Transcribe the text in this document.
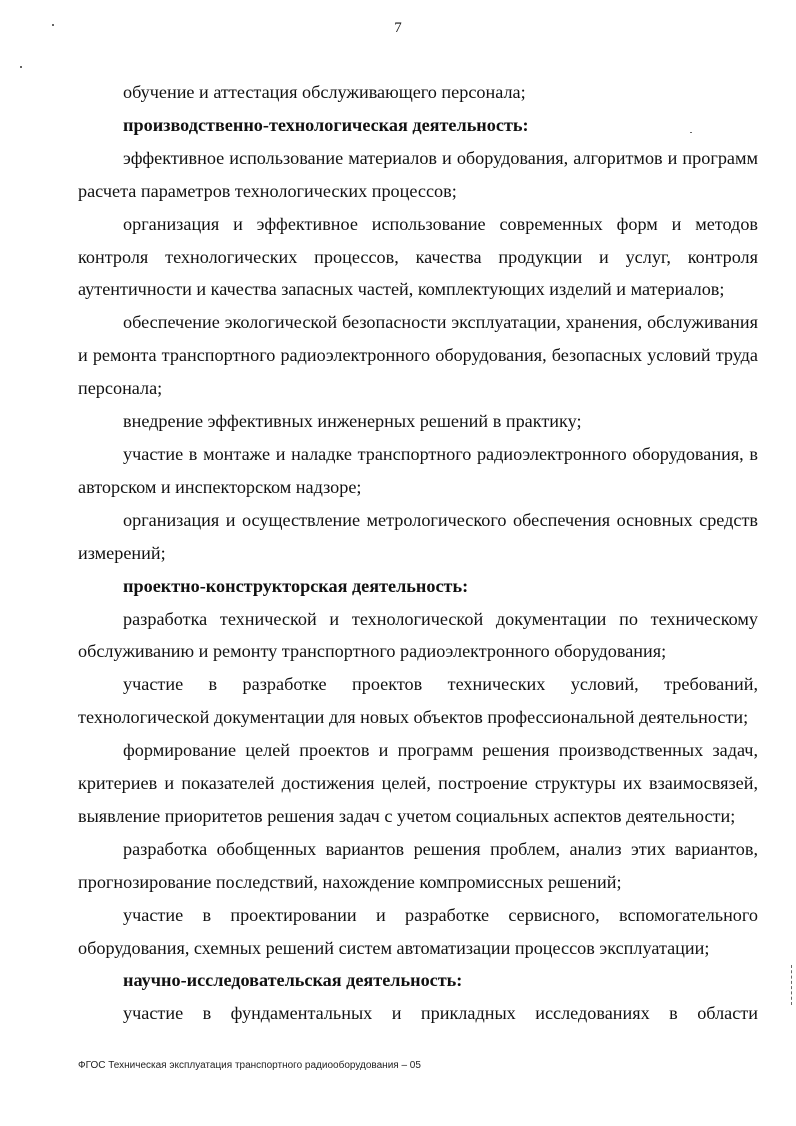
7

обучение и аттестация обслуживающего персонала;

производственно-технологическая деятельность:

эффективное использование материалов и оборудования, алгоритмов и программ расчета параметров технологических процессов;

организация и эффективное использование современных форм и методов контроля технологических процессов, качества продукции и услуг, контроля аутентичности и качества запасных частей, комплектующих изделий и материалов;

обеспечение экологической безопасности эксплуатации, хранения, обслуживания и ремонта транспортного радиоэлектронного оборудования, безопасных условий труда персонала;

внедрение эффективных инженерных решений в практику;

участие в монтаже и наладке транспортного радиоэлектронного оборудования, в авторском и инспекторском надзоре;

организация и осуществление метрологического обеспечения основных средств измерений;

проектно-конструкторская деятельность:

разработка технической и технологической документации по техническому обслуживанию и ремонту транспортного радиоэлектронного оборудования;

участие в разработке проектов технических условий, требований, технологической документации для новых объектов профессиональной деятельности;

формирование целей проектов и программ решения производственных задач, критериев и показателей достижения целей, построение структуры их взаимосвязей, выявление приоритетов решения задач с учетом социальных аспектов деятельности;

разработка обобщенных вариантов решения проблем, анализ этих вариантов, прогнозирование последствий, нахождение компромиссных решений;

участие в проектировании и разработке сервисного, вспомогательного оборудования, схемных решений систем автоматизации процессов эксплуатации;

научно-исследовательская деятельность:

участие в фундаментальных и прикладных исследованиях в области

ФГОС Техническая эксплуатация транспортного радиооборудования – 05
